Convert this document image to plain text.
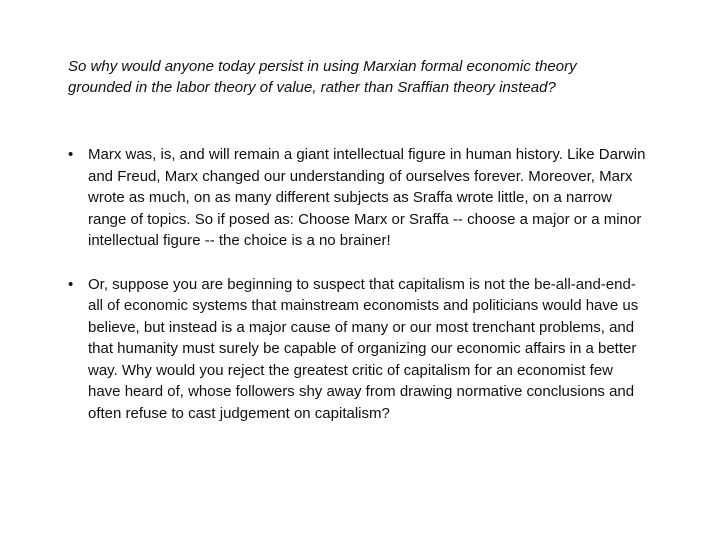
So why would anyone today persist in using Marxian formal economic theory grounded in the labor theory of value, rather than Sraffian theory instead?

• Marx was, is, and will remain a giant intellectual figure in human history. Like Darwin and Freud, Marx changed our understanding of ourselves forever. Moreover, Marx wrote as much, on as many different subjects as Sraffa wrote little, on a narrow range of topics. So if posed as: Choose Marx or Sraffa -- choose a major or a minor intellectual figure -- the choice is a no brainer!
• Or, suppose you are beginning to suspect that capitalism is not the be-all-and-end-all of economic systems that mainstream economists and politicians would have us believe, but instead is a major cause of many or our most trenchant problems, and that humanity must surely be capable of organizing our economic affairs in a better way. Why would you reject the greatest critic of capitalism for an economist few have heard of, whose followers shy away from drawing normative conclusions and often refuse to cast judgement on capitalism?
